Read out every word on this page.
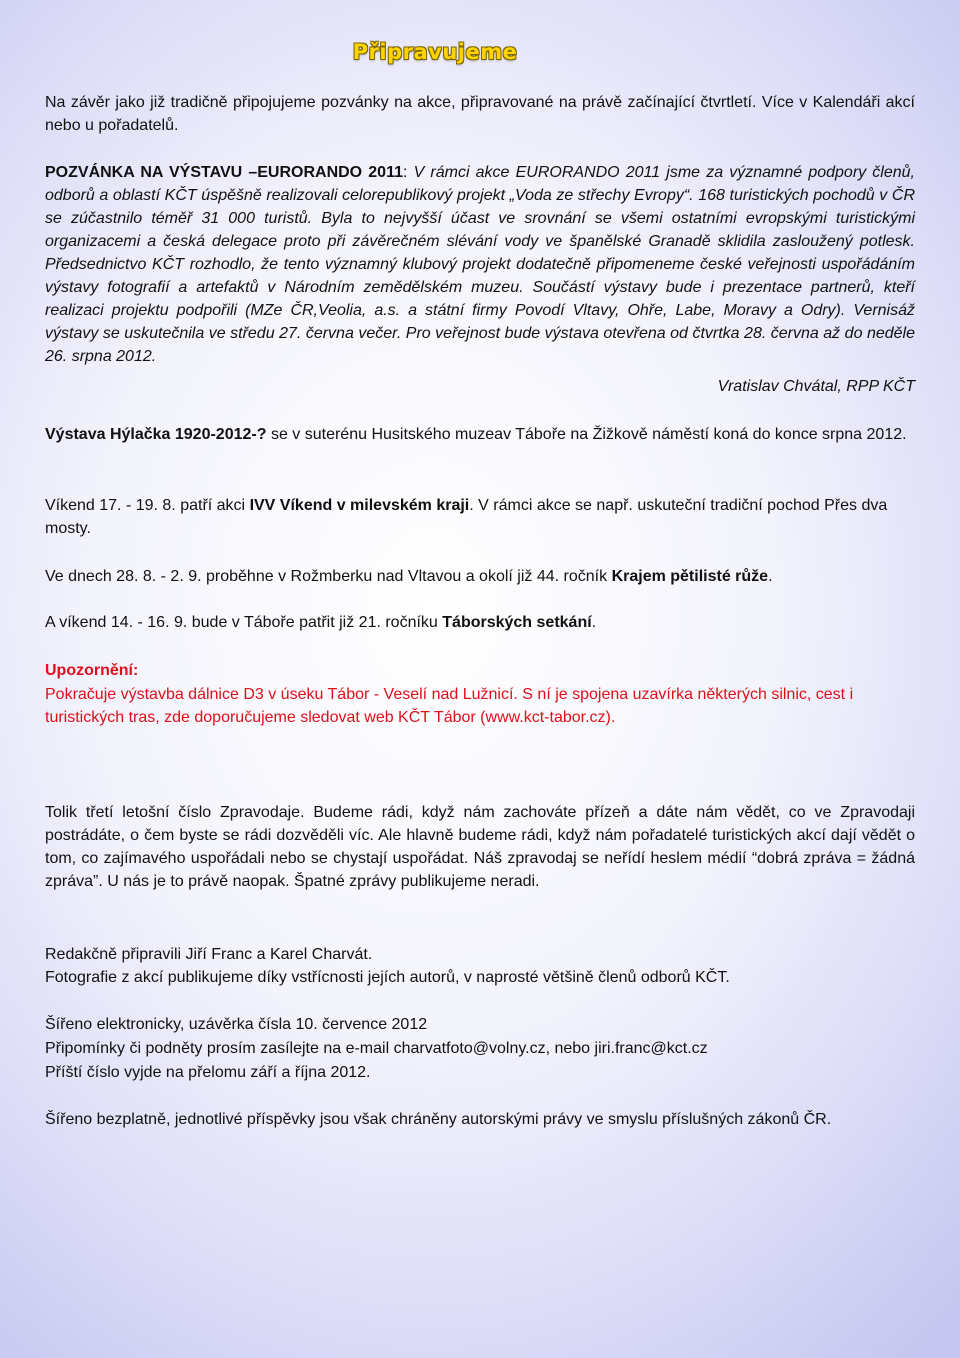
Připravujeme

Na závěr jako již tradičně připojujeme pozvánky na akce, připravované na právě začínající čtvrtletí. Více v Kalendáři akcí nebo u pořadatelů.

POZVÁNKA NA VÝSTAVU –EURORANDO 2011: V rámci akce EURORANDO 2011 jsme za významné podpory členů, odborů a oblastí KČT úspěšně realizovali celorepublikový projekt „Voda ze střechy Evropy“. 168 turistických pochodů v ČR se zúčastnilo téměř 31 000 turistů. Byla to nejvyšší účast ve srovnání se všemi ostatními evropskými turistickými organizacemi a česká delegace proto při závěrečném slévání vody ve španělské Granadě sklidila zasloužený potlesk. Předsednictvo KČT rozhodlo, že tento významný klubový projekt dodatečně připomeneme české veřejnosti uspořádáním výstavy fotografií a artefaktů v Národním zemědělském muzeu. Součástí výstavy bude i prezentace partnerů, kteří realizaci projektu podpořili (MZe ČR,Veolia, a.s. a státní firmy Povodí Vltavy, Ohře, Labe, Moravy a Odry). Vernisáž výstavy se uskutečnila ve středu 27. června večer. Pro veřejnost bude výstava otevřena od čtvrtka 28. června až do neděle 26. srpna 2012.

Vratislav Chvátal, RPP KČT

Výstava Hýlačka 1920-2012-? se v suterénu Husitského muzeav Táboře na Žižkově náměstí koná do konce srpna 2012.

Víkend 17. - 19. 8. patří akci IVV Víkend v milevském kraji. V rámci akce se např. uskuteční tradiční pochod Přes dva mosty.

Ve dnech 28. 8. - 2. 9. proběhne v Rožmberku nad Vltavou a okolí již 44. ročník Krajem pětilisté růže.

A víkend 14. - 16. 9. bude v Táboře patřit již 21. ročníku Táborských setkání.

Upozornění:

Pokračuje výstavba dálnice D3 v úseku Tábor - Veselí nad Lužnicí. S ní je spojena uzavírka některých silnic, cest i turistických tras, zde doporučujeme sledovat web KČT Tábor (www.kct-tabor.cz).

Tolik třetí letošní číslo Zpravodaje. Budeme rádi, když nám zachováte přízeň a dáte nám vědět, co ve Zpravodaji postrádáte, o čem byste se rádi dozvěděli víc. Ale hlavně budeme rádi, když nám pořadatelé turistických akcí dají vědět o tom, co zajímavého uspořádali nebo se chystají uspořádat. Náš zpravodaj se neřídí heslem médií “dobrá zpráva = žádná zpráva”. U nás je to právě naopak. Špatné zprávy publikujeme neradi.

Redakčně připravili Jiří Franc a Karel Charvát.

Fotografie z akcí publikujeme díky vstřícnosti jejích autorů, v naprosté většině členů odborů KČT.

Šířeno elektronicky, uzávěrka čísla 10. července 2012

Připomínky či podněty prosím zasílejte na e-mail charvatfoto@volny.cz, nebo jiri.franc@kct.cz

Příští číslo vyjde na přelomu září a října 2012.

Šířeno bezplatně, jednotlivé příspěvky jsou však chráněny autorskými právy ve smyslu příslušných zákonů ČR.
